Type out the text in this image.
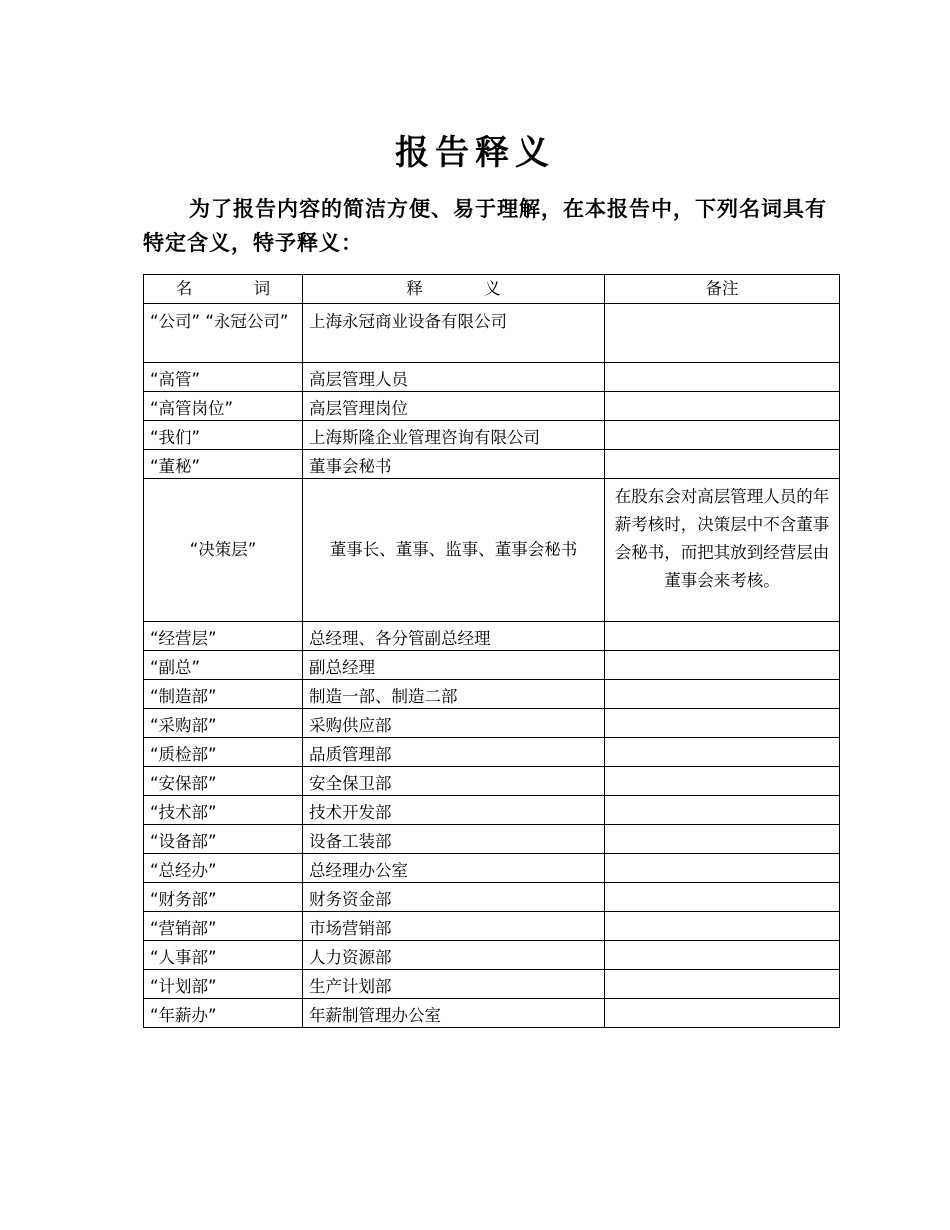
报告释义

为了报告内容的简洁方便、易于理解，在本报告中，下列名词具有特定含义，特予释义：

名 词	释 义	备注
“公司” “永冠公司”	上海永冠商业设备有限公司	
“高管”	高层管理人员	
“高管岗位”	高层管理岗位	
“我们”	上海斯隆企业管理咨询有限公司	
“董秘”	董事会秘书	
“决策层”	董事长、董事、监事、董事会秘书	在股东会对高层管理人员的年薪考核时，决策层中不含董事会秘书，而把其放到经营层由董事会来考核。
“经营层”	总经理、各分管副总经理	
“副总”	副总经理	
“制造部”	制造一部、制造二部	
“采购部”	采购供应部	
“质检部”	品质管理部	
“安保部”	安全保卫部	
“技术部”	技术开发部	
“设备部”	设备工装部	
“总经办”	总经理办公室	
“财务部”	财务资金部	
“营销部”	市场营销部	
“人事部”	人力资源部	
“计划部”	生产计划部	
“年薪办”	年薪制管理办公室	
